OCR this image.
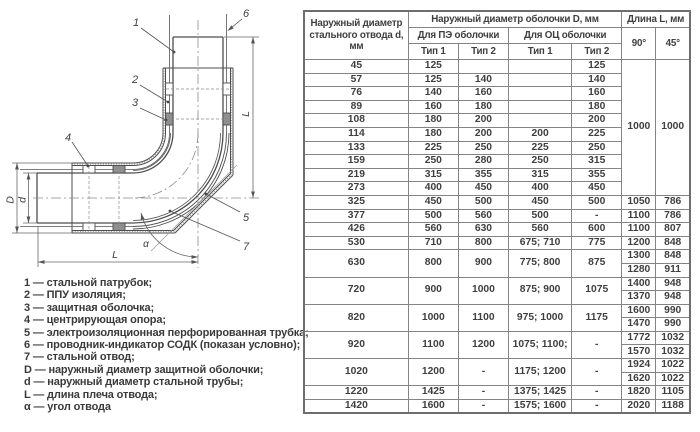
1
2
3
4
5
6
7
L
L
D d
α
1 — стальной патрубок;
2 — ППУ изоляция;
3 — защитная оболочка;
4 — центрирующая опора;
5 — электроизоляционная перфорированная трубка;
6 — проводник-индикатор СОДК (показан условно);
7 — стальной отвод;
D — наружный диаметр защитной оболочки;
d — наружный диаметр стальной трубы;
L — длина плеча отвода;
α — угол отвода
Наружный диаметр стального отвода d, мм	Наружный диаметр оболочки D, мм				Длина L, мм	
	Для ПЭ оболочки		Для ОЦ оболочки		90°	45°
	Тип 1	Тип 2	Тип 1	Тип 2		
45	125			125	1000	1000
57	125	140		140		
76	140	160		160		
89	160	180		180		
108	180	200		200		
114	180	200	200	225		
133	225	250	225	250		
159	250	280	250	315		
219	315	355	315	355		
273	400	450	400	450		
325	450	500	450	500	1050	786
377	500	560	500	-	1100	786
426	560	630	560	600	1100	807
530	710	800	675; 710	775	1200	848
630	800	900	775; 800	875	1300	848
					1280	911
720	900	1000	875; 900	1075	1400	948
					1370	948
820	1000	1100	975; 1000	1175	1600	990
					1470	990
920	1100	1200	1075; 1100;	-	1772	1032
					1570	1032
1020	1200	-	1175; 1200	-	1924	1022
					1620	1022
1220	1425	-	1375; 1425	-	1820	1105
1420	1600	-	1575; 1600	-	2020	1188
